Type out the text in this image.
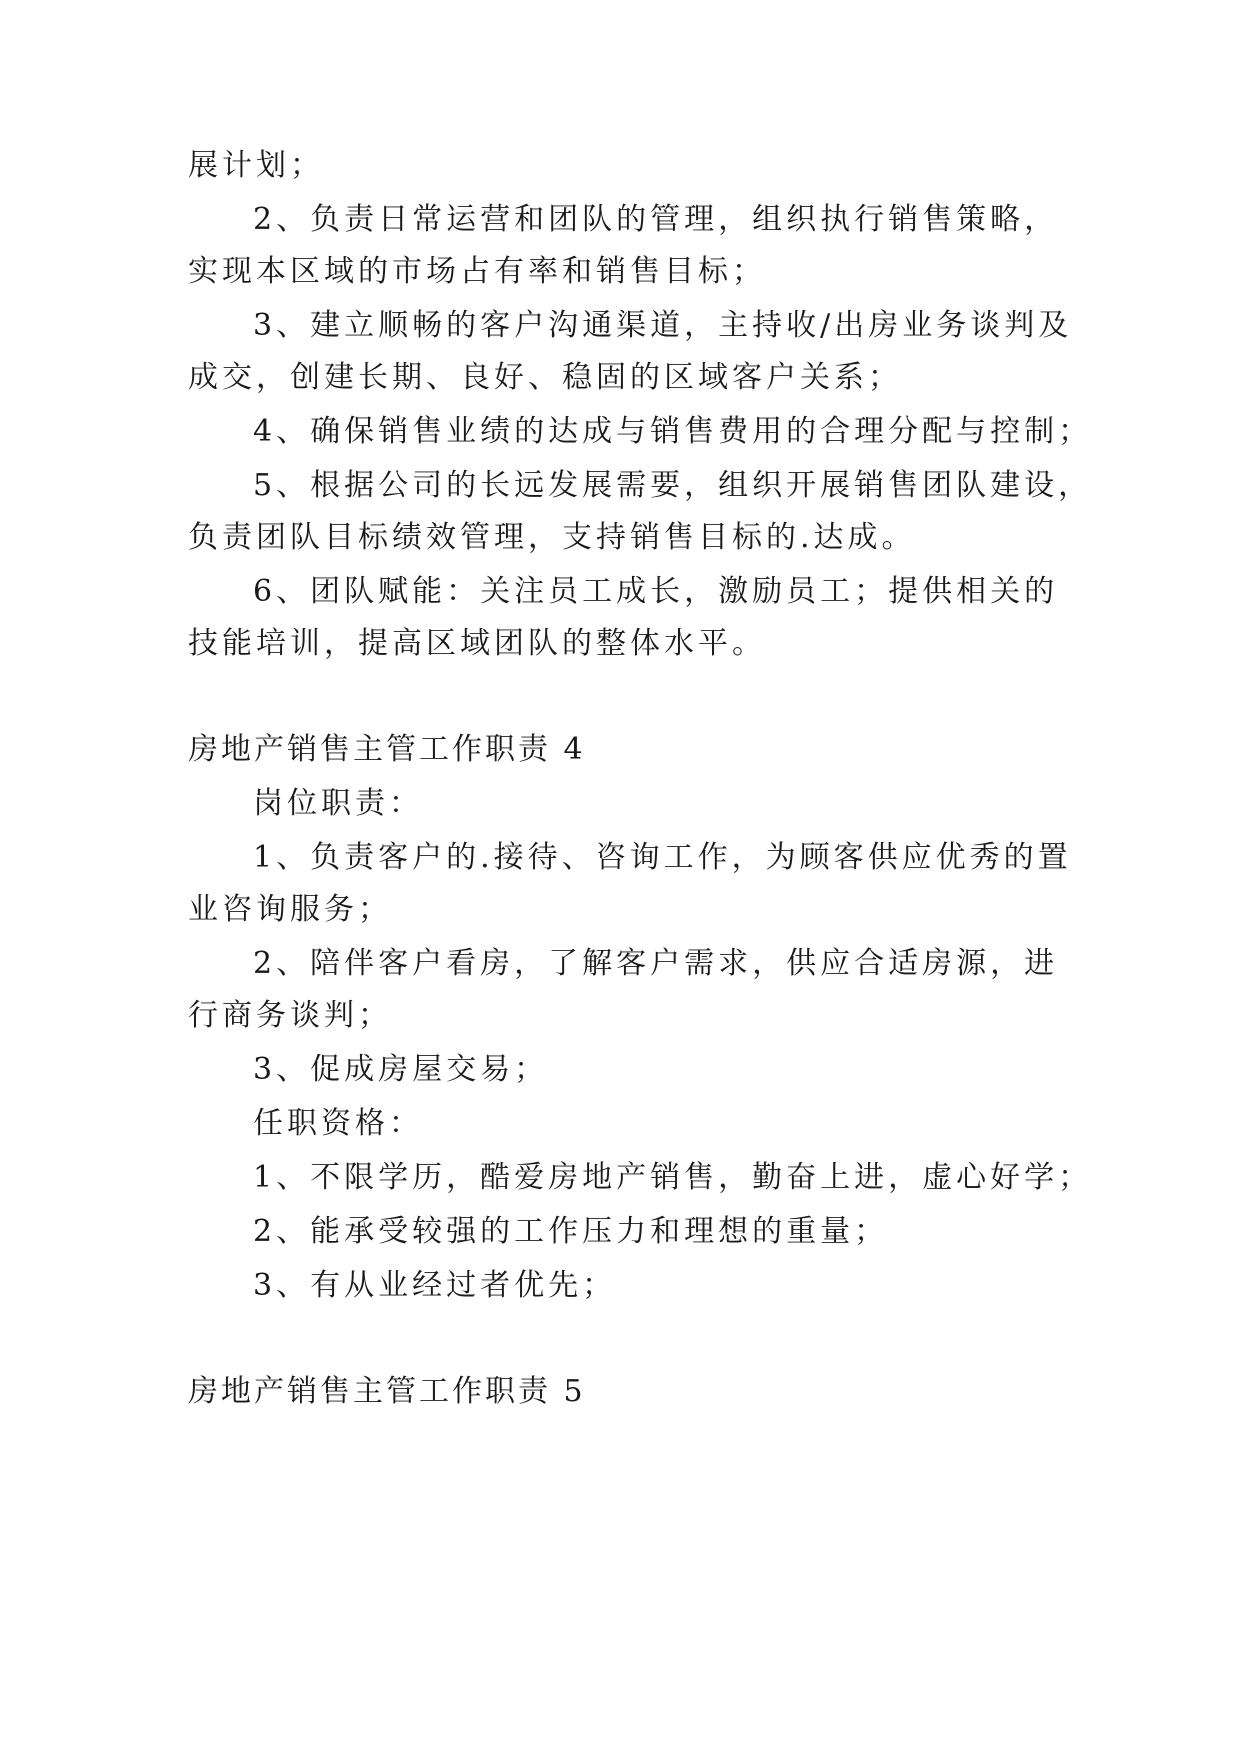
展计划；
2、负责日常运营和团队的管理，组织执行销售策略，
实现本区域的市场占有率和销售目标；
3、建立顺畅的客户沟通渠道，主持收/出房业务谈判及
成交，创建长期、良好、稳固的区域客户关系；
4、确保销售业绩的达成与销售费用的合理分配与控制；
5、根据公司的长远发展需要，组织开展销售团队建设，
负责团队目标绩效管理，支持销售目标的.达成。
6、团队赋能：关注员工成长，激励员工；提供相关的
技能培训，提高区域团队的整体水平。
房地产销售主管工作职责 4
岗位职责：
1、负责客户的.接待、咨询工作，为顾客供应优秀的置
业咨询服务；
2、陪伴客户看房，了解客户需求，供应合适房源，进
行商务谈判；
3、促成房屋交易；
任职资格：
1、不限学历，酷爱房地产销售，勤奋上进，虚心好学；
2、能承受较强的工作压力和理想的重量；
3、有从业经过者优先；
房地产销售主管工作职责 5
